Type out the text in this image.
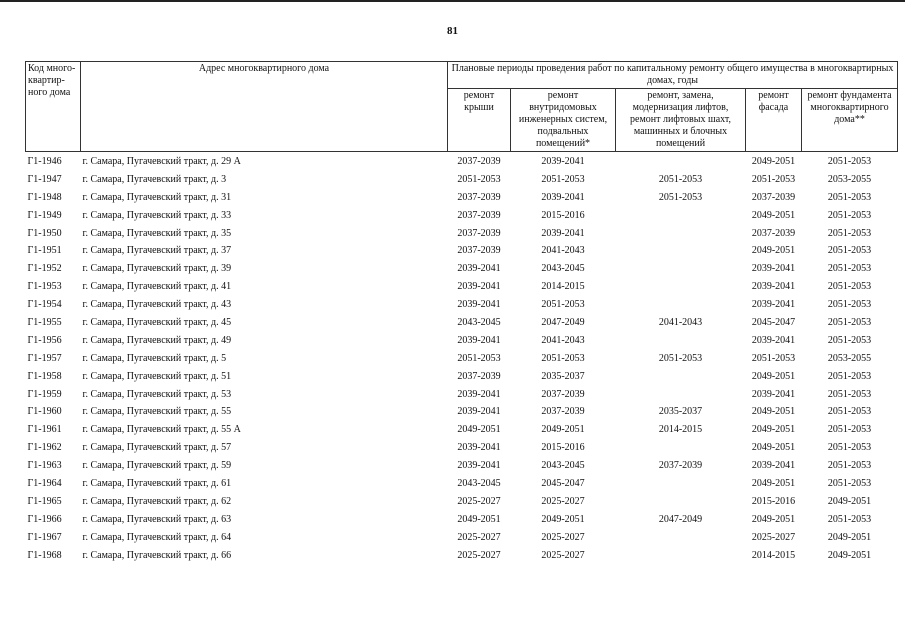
81
Код много-квартир-ного дома	Адрес многоквартирного дома	Плановые периоды проведения работ по капитальному ремонту общего имущества в многоквартирных домах, годы				
		ремонт крыши	ремонт внутридомовых инженерных систем, подвальных помещений*	ремонт, замена, модернизация лифтов, ремонт лифтовых шахт, машинных и блочных помещений	ремонт фасада	ремонт фундамента многоквартирного дома**
Г1-1946	г. Самара, Пугачевский тракт, д. 29 А	2037-2039	2039-2041		2049-2051	2051-2053
Г1-1947	г. Самара, Пугачевский тракт, д. 3	2051-2053	2051-2053	2051-2053	2051-2053	2053-2055
Г1-1948	г. Самара, Пугачевский тракт, д. 31	2037-2039	2039-2041	2051-2053	2037-2039	2051-2053
Г1-1949	г. Самара, Пугачевский тракт, д. 33	2037-2039	2015-2016		2049-2051	2051-2053
Г1-1950	г. Самара, Пугачевский тракт, д. 35	2037-2039	2039-2041		2037-2039	2051-2053
Г1-1951	г. Самара, Пугачевский тракт, д. 37	2037-2039	2041-2043		2049-2051	2051-2053
Г1-1952	г. Самара, Пугачевский тракт, д. 39	2039-2041	2043-2045		2039-2041	2051-2053
Г1-1953	г. Самара, Пугачевский тракт, д. 41	2039-2041	2014-2015		2039-2041	2051-2053
Г1-1954	г. Самара, Пугачевский тракт, д. 43	2039-2041	2051-2053		2039-2041	2051-2053
Г1-1955	г. Самара, Пугачевский тракт, д. 45	2043-2045	2047-2049	2041-2043	2045-2047	2051-2053
Г1-1956	г. Самара, Пугачевский тракт, д. 49	2039-2041	2041-2043		2039-2041	2051-2053
Г1-1957	г. Самара, Пугачевский тракт, д. 5	2051-2053	2051-2053	2051-2053	2051-2053	2053-2055
Г1-1958	г. Самара, Пугачевский тракт, д. 51	2037-2039	2035-2037		2049-2051	2051-2053
Г1-1959	г. Самара, Пугачевский тракт, д. 53	2039-2041	2037-2039		2039-2041	2051-2053
Г1-1960	г. Самара, Пугачевский тракт, д. 55	2039-2041	2037-2039	2035-2037	2049-2051	2051-2053
Г1-1961	г. Самара, Пугачевский тракт, д. 55 А	2049-2051	2049-2051	2014-2015	2049-2051	2051-2053
Г1-1962	г. Самара, Пугачевский тракт, д. 57	2039-2041	2015-2016		2049-2051	2051-2053
Г1-1963	г. Самара, Пугачевский тракт, д. 59	2039-2041	2043-2045	2037-2039	2039-2041	2051-2053
Г1-1964	г. Самара, Пугачевский тракт, д. 61	2043-2045	2045-2047		2049-2051	2051-2053
Г1-1965	г. Самара, Пугачевский тракт, д. 62	2025-2027	2025-2027		2015-2016	2049-2051
Г1-1966	г. Самара, Пугачевский тракт, д. 63	2049-2051	2049-2051	2047-2049	2049-2051	2051-2053
Г1-1967	г. Самара, Пугачевский тракт, д. 64	2025-2027	2025-2027		2025-2027	2049-2051
Г1-1968	г. Самара, Пугачевский тракт, д. 66	2025-2027	2025-2027		2014-2015	2049-2051
